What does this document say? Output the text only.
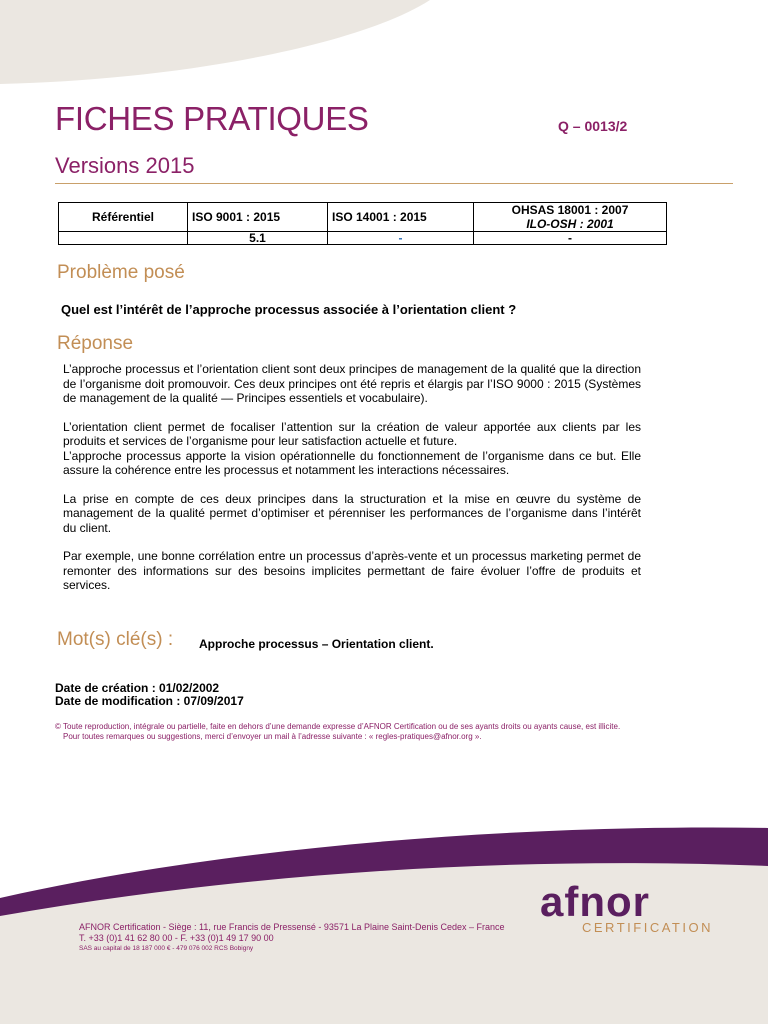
FICHES PRATIQUES	Q – 0013/2
Versions 2015
Référentiel	ISO 9001 : 2015	ISO 14001 : 2015	OHSAS 18001 : 2007
ILO-OSH : 2001

	5.1	-	-
Problème posé
Quel est l’intérêt de l’approche processus associée à l’orientation client ?
Réponse

L’approche processus et l’orientation client sont deux principes de management de la qualité que la direction de l’organisme doit promouvoir. Ces deux principes ont été repris et élargis par l’ISO 9000 : 2015 (Systèmes de management de la qualité — Principes essentiels et vocabulaire).

L’orientation client permet de focaliser l’attention sur la création de valeur apportée aux clients par les produits et services de l’organisme pour leur satisfaction actuelle et future.

L’approche processus apporte la vision opérationnelle du fonctionnement de l’organisme dans ce but. Elle assure la cohérence entre les processus et notamment les interactions nécessaires.

La prise en compte de ces deux principes dans la structuration et la mise en œuvre du système de management de la qualité permet d’optimiser et pérenniser les performances de l’organisme dans l’intérêt du client.

Par exemple, une bonne corrélation entre un processus d’après-vente et un processus marketing permet de remonter des informations sur des besoins implicites permettant de faire évoluer l’offre de produits et services.

Mot(s) clé(s) : Approche processus – Orientation client.
Date de création : 01/02/2002
Date de modification : 07/09/2017
© Toute reproduction, intégrale ou partielle, faite en dehors d’une demande expresse d’AFNOR Certification ou de ses ayants droits ou ayants cause, est illicite.
Pour toutes remarques ou suggestions, merci d’envoyer un mail à l’adresse suivante : « regles-pratiques@afnor.org ».
afnor
CERTIFICATION
AFNOR Certification - Siège : 11, rue Francis de Pressensé - 93571 La Plaine Saint-Denis Cedex – France
T. +33 (0)1 41 62 80 00 - F. +33 (0)1 49 17 90 00
SAS au capital de 18 187 000 € - 479 076 002 RCS Bobigny
